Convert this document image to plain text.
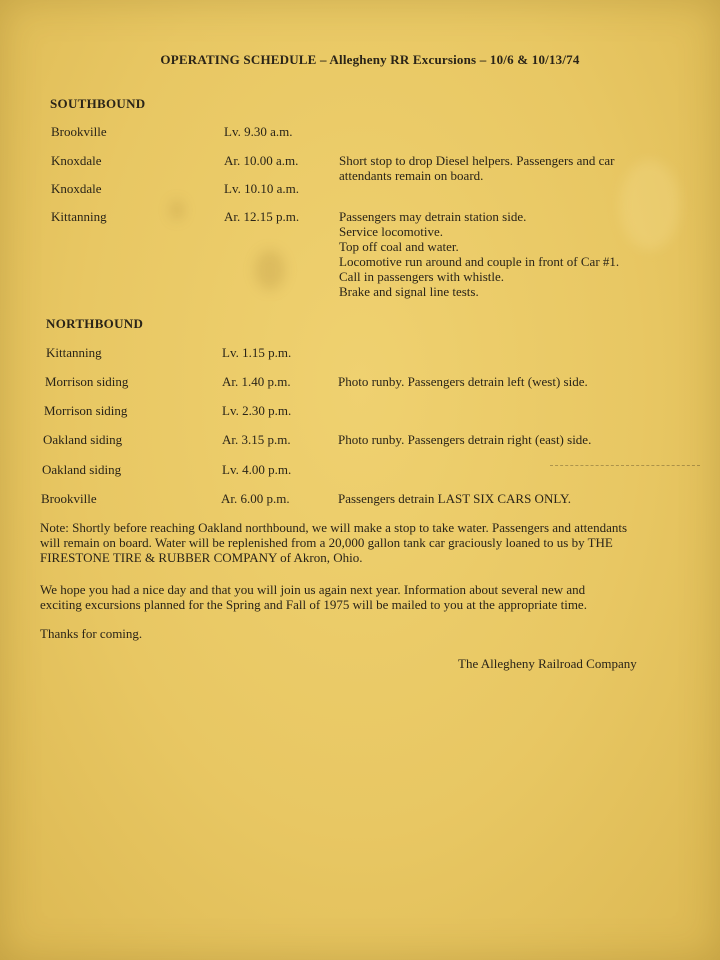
OPERATING SCHEDULE – Allegheny RR Excursions – 10/6 & 10/13/74
SOUTHBOUND
Brookville	Lv. 9.30 a.m.
Knoxdale	Ar. 10.00 a.m.	Short stop to drop Diesel helpers. Passengers and car
attendants remain on board.
Knoxdale	Lv. 10.10 a.m.
Kittanning	Ar. 12.15 p.m.	Passengers may detrain station side.
Service locomotive.
Top off coal and water.
Locomotive run around and couple in front of Car #1.
Call in passengers with whistle.
Brake and signal line tests.
NORTHBOUND
Kittanning	Lv. 1.15 p.m.
Morrison siding	Ar. 1.40 p.m.	Photo runby. Passengers detrain left (west) side.
Morrison siding	Lv. 2.30 p.m.
Oakland siding	Ar. 3.15 p.m.	Photo runby. Passengers detrain right (east) side.
Oakland siding	Lv. 4.00 p.m.
Brookville	Ar. 6.00 p.m.	Passengers detrain LAST SIX CARS ONLY.
Note: Shortly before reaching Oakland northbound, we will make a stop to take water. Passengers and attendants
will remain on board. Water will be replenished from a 20,000 gallon tank car graciously loaned to us by THE
FIRESTONE TIRE & RUBBER COMPANY of Akron, Ohio.
We hope you had a nice day and that you will join us again next year. Information about several new and
exciting excursions planned for the Spring and Fall of 1975 will be mailed to you at the appropriate time.
Thanks for coming.
The Allegheny Railroad Company
